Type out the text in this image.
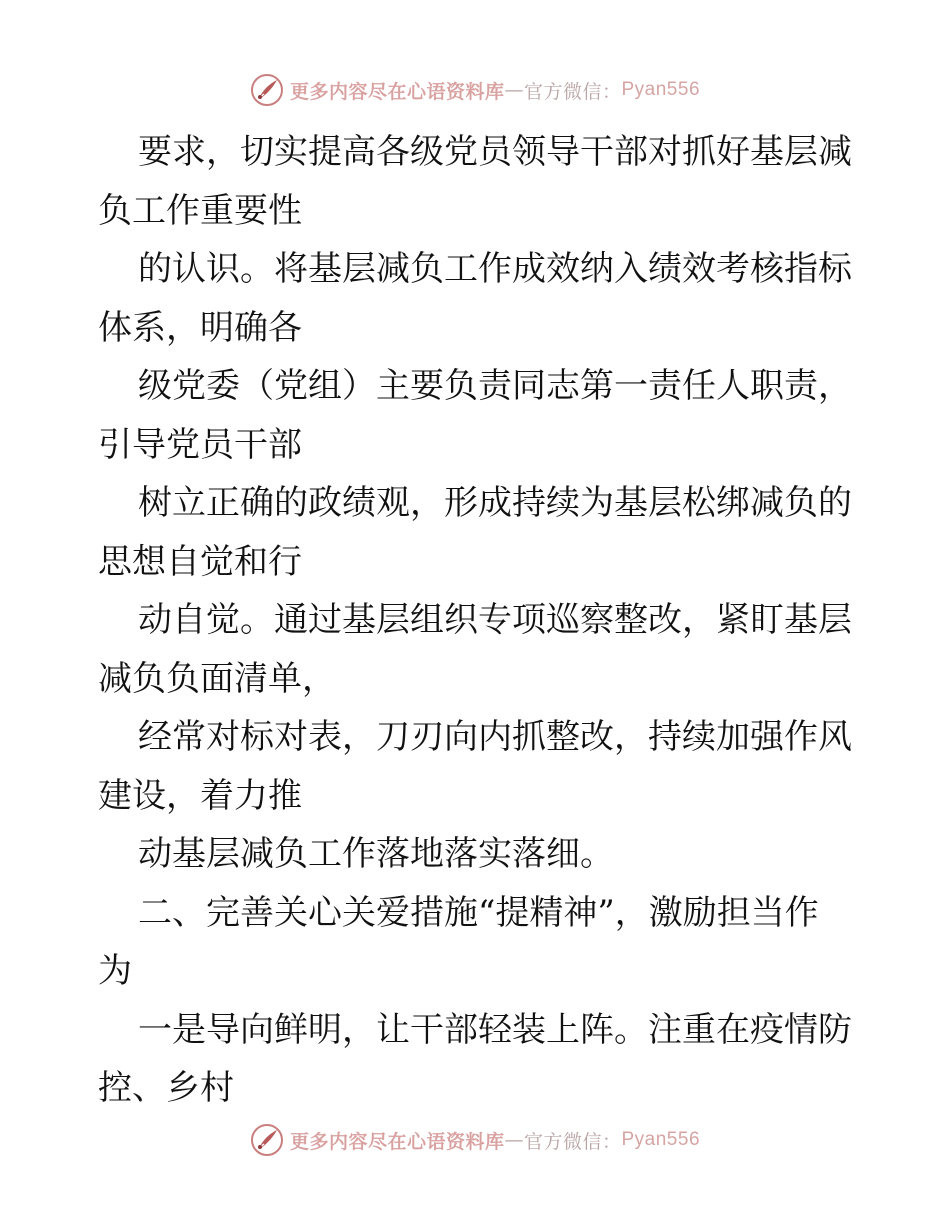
更多内容尽在心语资料库 — 官方微信： Pyan556

要求，切实提高各级党员领导干部对抓好基层减
负工作重要性

的认识。将基层减负工作成效纳入绩效考核指标
体系，明确各

级党委（党组）主要负责同志第一责任人职责，
引导党员干部

树立正确的政绩观，形成持续为基层松绑减负的
思想自觉和行

动自觉。通过基层组织专项巡察整改，紧盯基层
减负负面清单，

经常对标对表，刀刃向内抓整改，持续加强作风
建设，着力推

动基层减负工作落地落实落细。

二、完善关心关爱措施“提精神”，激励担当作
为

一是导向鲜明，让干部轻装上阵。注重在疫情防
控、乡村

更多内容尽在心语资料库 — 官方微信： Pyan556
